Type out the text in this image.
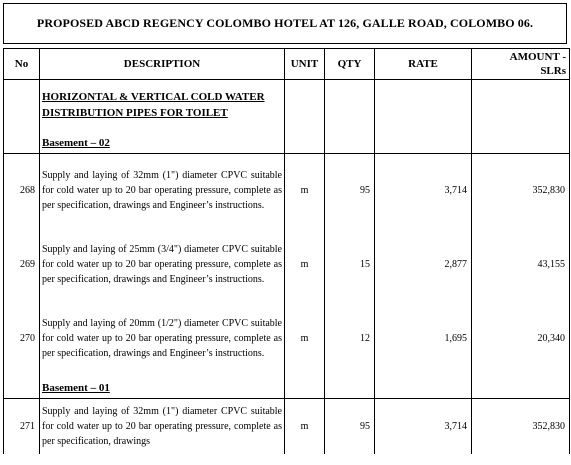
PROPOSED ABCD REGENCY COLOMBO HOTEL AT 126, GALLE ROAD, COLOMBO 06.
No	DESCRIPTION	UNIT	QTY	RATE	AMOUNT -
SLRs

	HORIZONTAL & VERTICAL COLD WATER
DISTRIBUTION PIPES FOR TOILET				

	Basement – 02				
268	Supply and laying of 32mm (1") diameter CPVC suitable for cold water up to 20 bar operating pressure, complete as per specification, drawings and Engineer’s instructions.	m	95	3,714	352,830
269	Supply and laying of 25mm (3/4") diameter CPVC suitable for cold water up to 20 bar operating pressure, complete as per specification, drawings and Engineer’s instructions.	m	15	2,877	43,155
270	Supply and laying of 20mm (1/2") diameter CPVC suitable for cold water up to 20 bar operating pressure, complete as per specification, drawings and Engineer’s instructions.	m	12	1,695	20,340
	Basement – 01				
271	Supply and laying of 32mm (1") diameter CPVC suitable for cold water up to 20 bar operating pressure, complete as per specification, drawings	m	95	3,714	352,830
